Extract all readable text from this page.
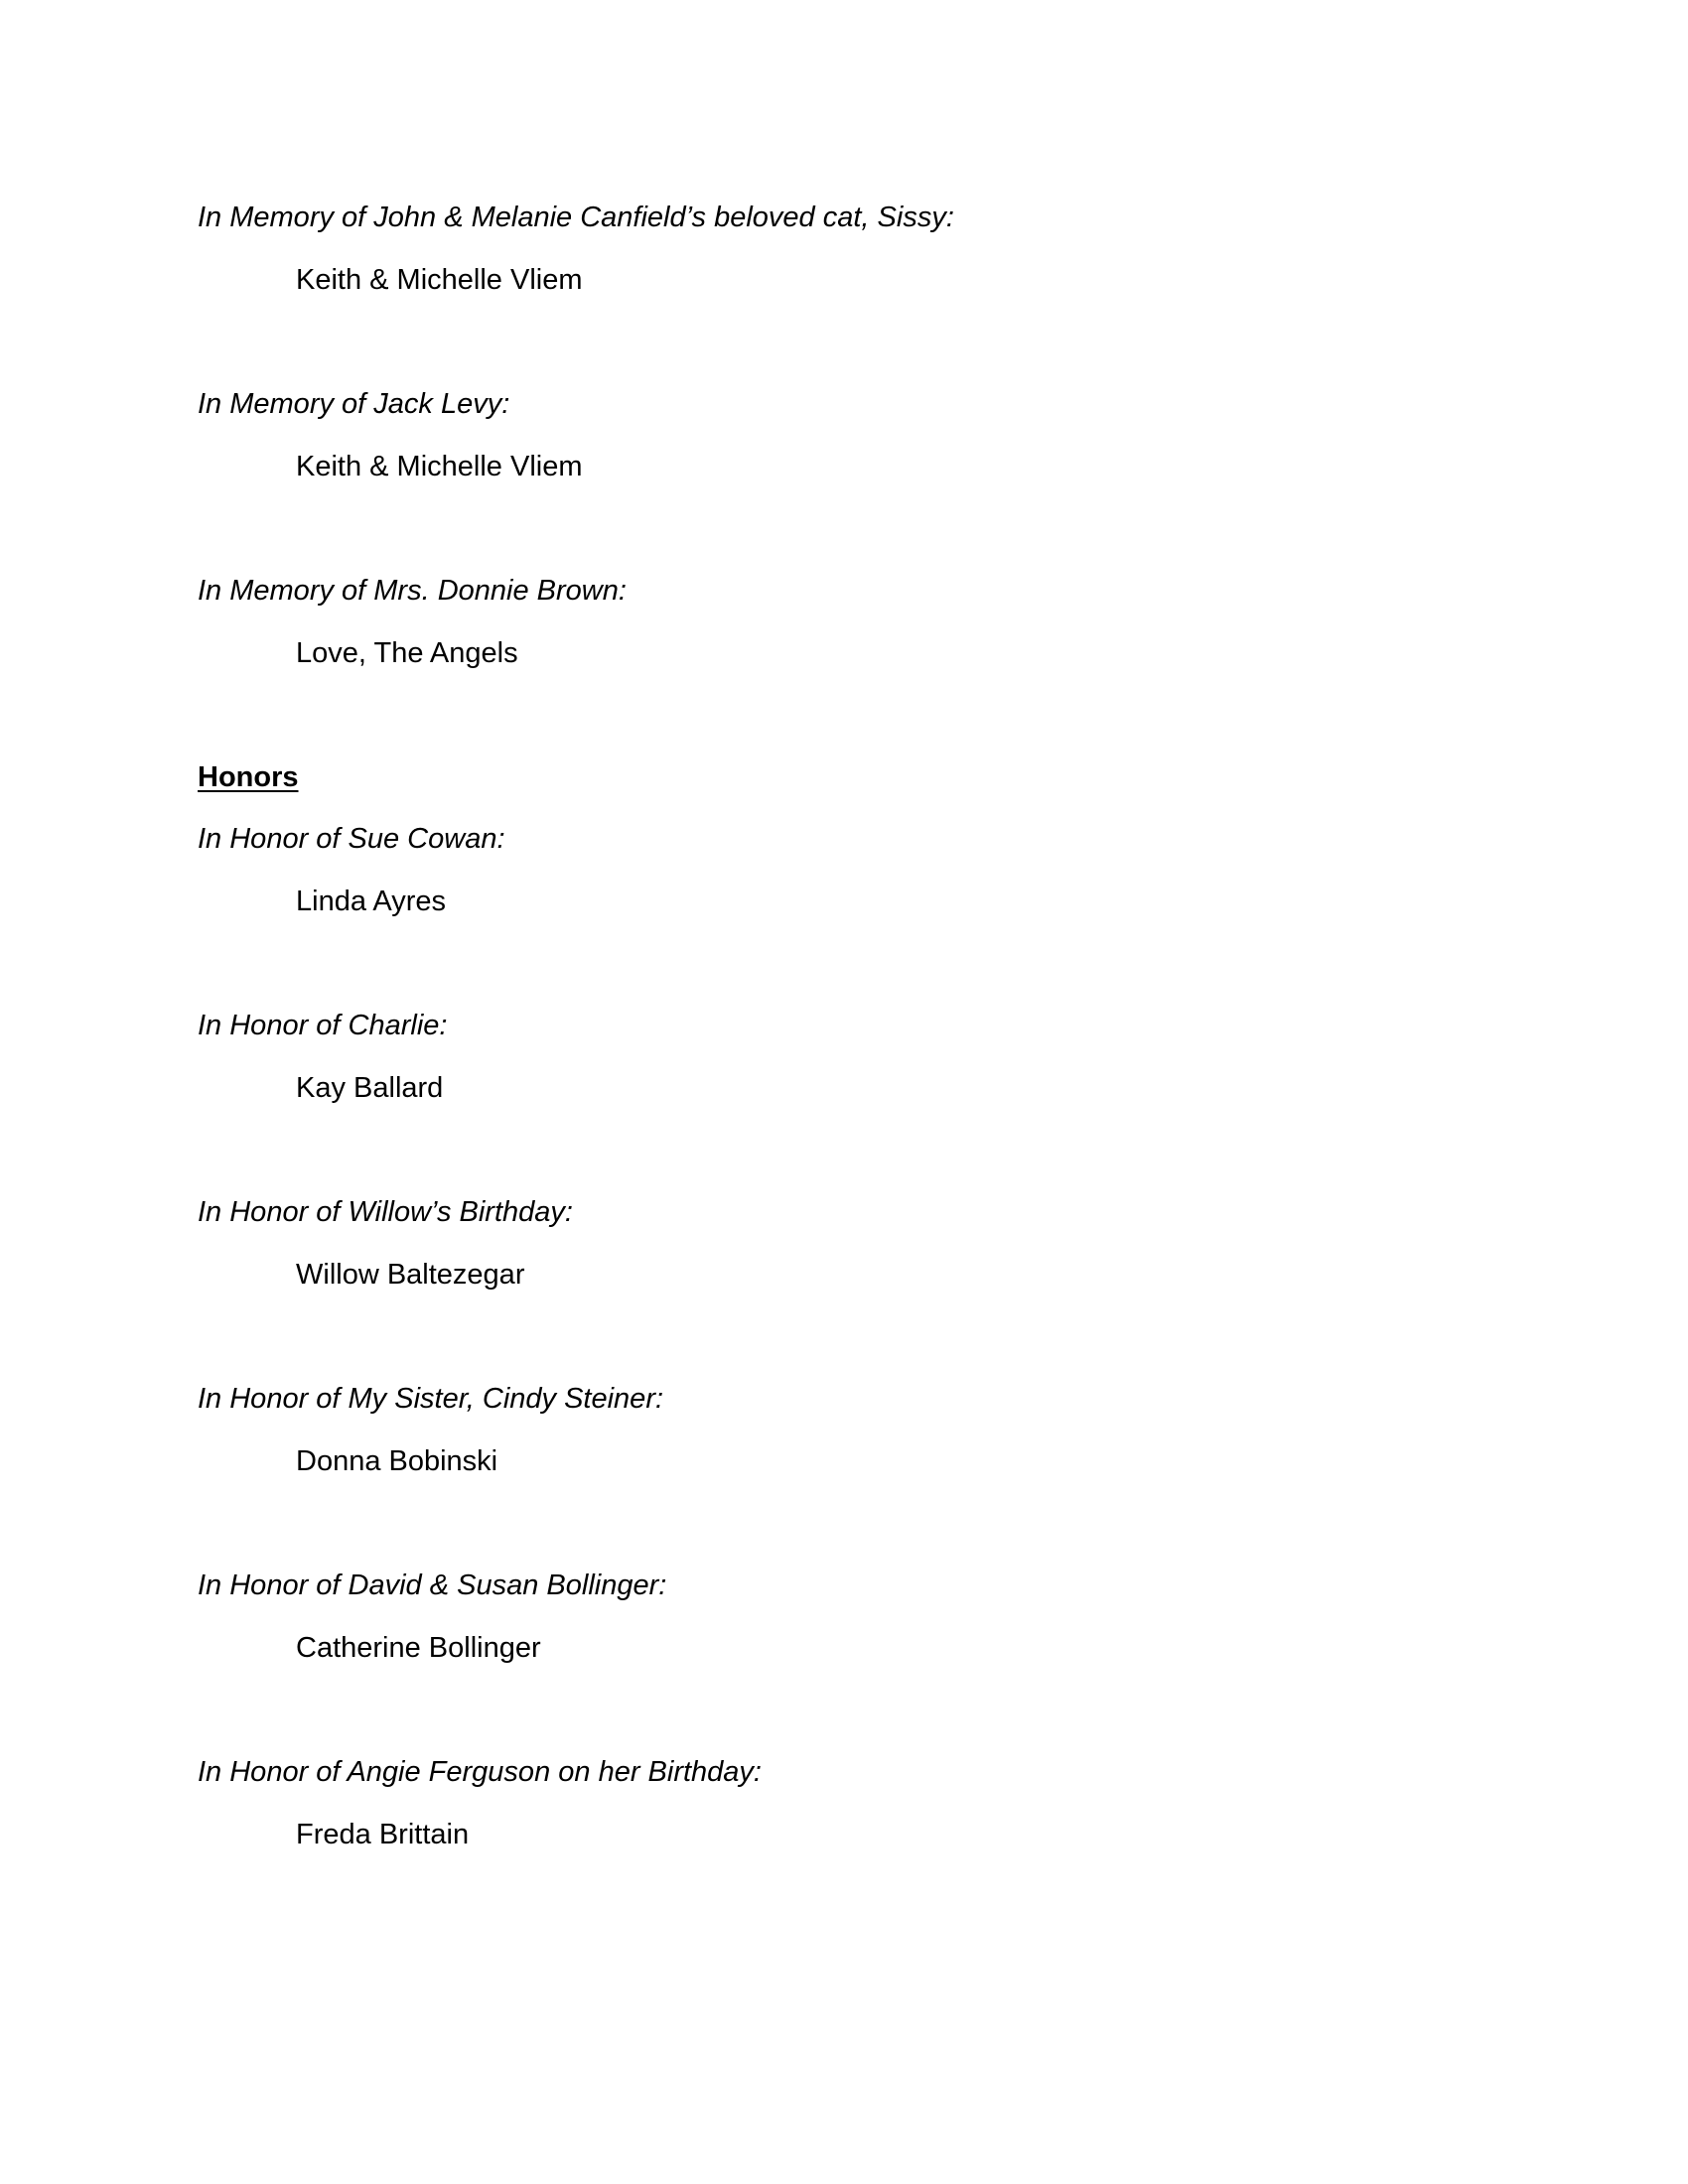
In Memory of John & Melanie Canfield’s beloved cat, Sissy:
Keith & Michelle Vliem
In Memory of Jack Levy:
Keith & Michelle Vliem
In Memory of Mrs. Donnie Brown:
Love, The Angels
Honors
In Honor of Sue Cowan:
Linda Ayres
In Honor of Charlie:
Kay Ballard
In Honor of Willow’s Birthday:
Willow Baltezegar
In Honor of My Sister, Cindy Steiner:
Donna Bobinski
In Honor of David & Susan Bollinger:
Catherine Bollinger
In Honor of Angie Ferguson on her Birthday:
Freda Brittain
